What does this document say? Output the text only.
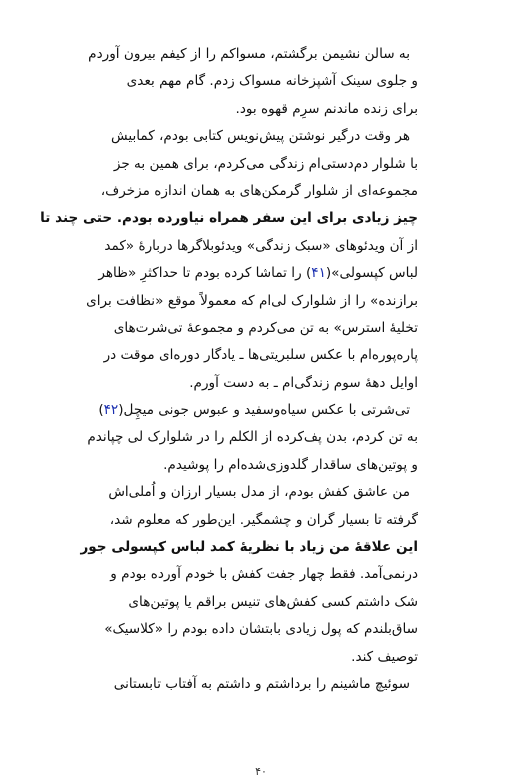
به سالن نشیمن برگشتم، مسواکم را از کیفم بیرون آوردم
و جلوی سینک آشپزخانه مسواک زدم. گام مهم بعدی
برای زنده ماندنم سرِم قهوه بود.
هر وقت درگیر نوشتن پیش‌نویس کتابی بودم، کمابیش
با شلوار دم‌دستی‌ام زندگی می‌کردم، برای همین به جز
مجموعه‌ای از شلوار گرمکن‌های به همان اندازه مزخرف،
چیز زیادی برای این سفر همراه نیاورده بودم. حتی چند تا
از آن ویدئوهای «سبک زندگی» ویدئوبلاگرها دربارۀ «کمد
لباس کپسولی»(۴۱) را تماشا کرده بودم تا حداکثرِ «ظاهر
برازنده» را از شلوارک لی‌ام که معمولاً موقع «نظافت برای
تخلیهٔ استرس» به تن می‌کردم و مجموعهٔ تی‌شرت‌های
پاره‌پوره‌ام با عکس سلبریتی‌ها ـ یادگار دوره‌ای موقت در
اوایل دههٔ سوم زندگی‌ام ـ به دست آورم.
تی‌شرتی با عکس سیاه‌وسفید و عبوس جونی میچِل(۴۲)
به تن کردم، بدن پف‌کرده از الکلم را در شلوارک لی چپاندم
و پوتین‌های ساقدار گلدوزی‌شده‌ام را پوشیدم.
من عاشق کفش بودم، از مدل بسیار ارزان و اُملی‌اش
گرفته تا بسیار گران و چشمگیر. این‌طور که معلوم شد،
این علاقهٔ من زیاد با نظریهٔ کمد لباس کپسولی جور
درنمی‌آمد. فقط چهار جفت کفش با خودم آورده بودم و
شک داشتم کسی کفش‌های تنیس براقم یا پوتین‌های
ساق‌بلندم که پول زیادی بابتشان داده بودم را «کلاسیک»
توصیف کند.
سوئیچ ماشینم را برداشتم و داشتم به آفتاب تابستانی
۴۰
